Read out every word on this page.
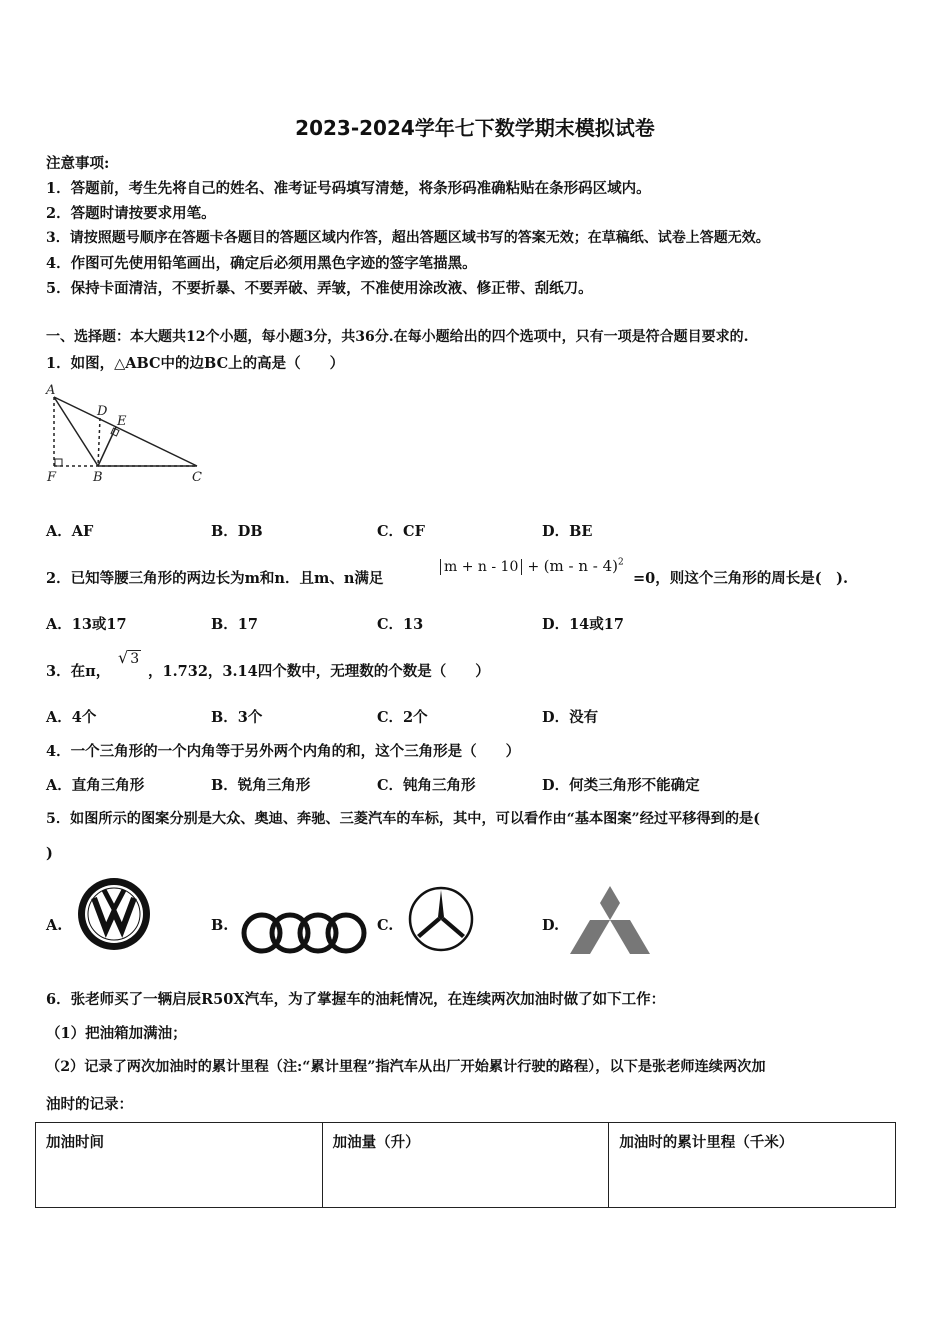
2023-2024学年七下数学期末模拟试卷
注意事项:
1．答题前，考生先将自己的姓名、准考证号码填写清楚，将条形码准确粘贴在条形码区域内。
2．答题时请按要求用笔。
3．请按照题号顺序在答题卡各题目的答题区域内作答，超出答题区域书写的答案无效；在草稿纸、试卷上答题无效。
4．作图可先使用铅笔画出，确定后必须用黑色字迹的签字笔描黑。
5．保持卡面清洁，不要折暴、不要弄破、弄皱，不准使用涂改液、修正带、刮纸刀。
一、选择题：本大题共12个小题，每小题3分，共36分.在每小题给出的四个选项中，只有一项是符合题目要求的.
1．如图，△ABC中的边BC上的高是（　　）
A
D
E
F	B	C
A．AF	B．DB	C．CF	D．BE
2．已知等腰三角形的两边长为m和n．且m、n满足
m + n - 10 + (m - n - 4)$^2$
=0，则这个三角形的周长是(　).
A．13或17	B．17	C．13	D．14或17
3．在π，
√ 3
，1.732，3.14四个数中，无理数的个数是（　　）
A．4个	B．3个	C．2个	D．没有
4．一个三角形的一个内角等于另外两个内角的和，这个三角形是（　　）
A．直角三角形	B．锐角三角形	C．钝角三角形	D．何类三角形不能确定
5．如图所示的图案分别是大众、奥迪、奔驰、三菱汽车的车标，其中，可以看作由“基本图案”经过平移得到的是(
)
A.	B.	C.	D.
6．张老师买了一辆启辰R50X汽车，为了掌握车的油耗情况，在连续两次加油时做了如下工作：
（1）把油箱加满油；
（2）记录了两次加油时的累计里程（注:“累计里程”指汽车从出厂开始累计行驶的路程），以下是张老师连续两次加
油时的记录：
加油时间	加油量（升）	加油时的累计里程（千米）
